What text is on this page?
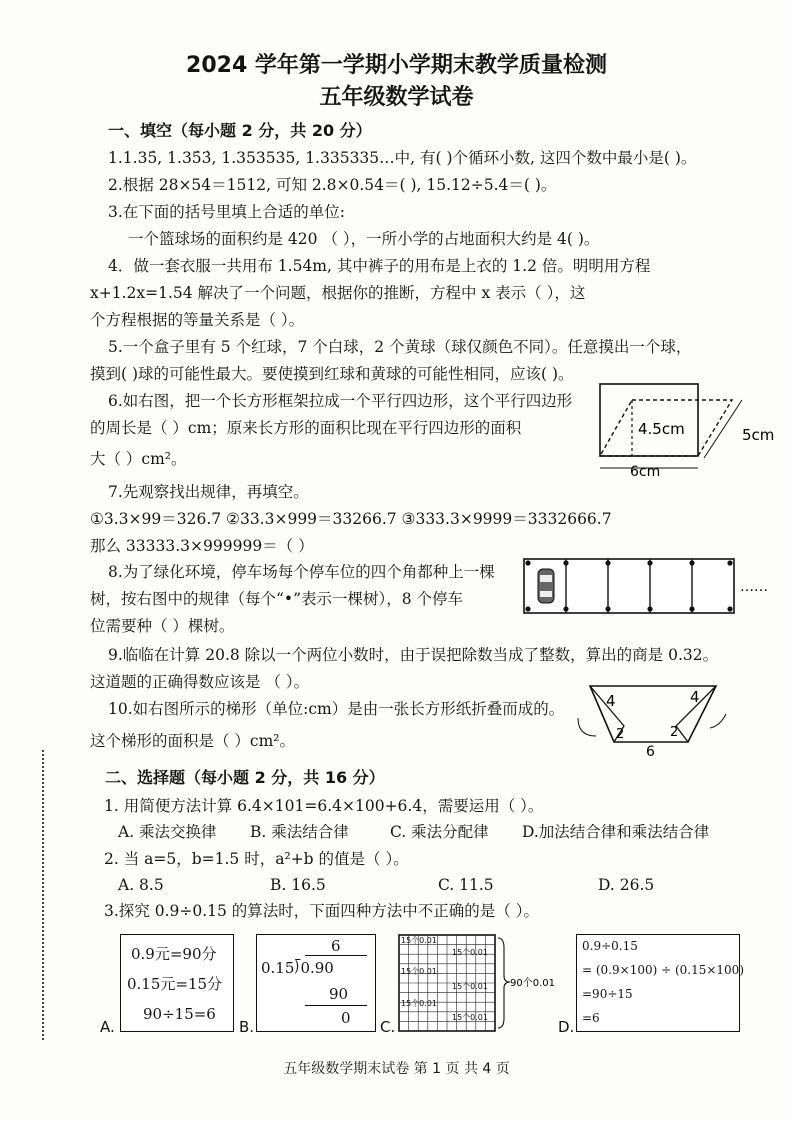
2024 学年第一学期小学期末教学质量检测
五年级数学试卷
一、填空（每小题 2 分，共 20 分）
1.1.35̇, 1.35̇3̇, 1.353535, 1.335335…中, 有( )个循环小数, 这四个数中最小是( )。
2.根据 28×54＝1512, 可知 2.8×0.54＝( ), 15.12÷5.4＝( )。
3.在下面的括号里填上合适的单位:
一个篮球场的面积约是 420 （ ），一所小学的占地面积大约是 4( )。
4．做一套衣服一共用布 1.54m, 其中裤子的用布是上衣的 1.2 倍。明明用方程
x+1.2x=1.54 解决了一个问题，根据你的推断，方程中 x 表示（ ），这
个方程根据的等量关系是（ ）。
5.一个盒子里有 5 个红球，7 个白球，2 个黄球（球仅颜色不同）。任意摸出一个球，
摸到( )球的可能性最大。要使摸到红球和黄球的可能性相同，应该( )。
6.如右图，把一个长方形框架拉成一个平行四边形，这个平行四边形
的周长是（ ）cm；原来长方形的面积比现在平行四边形的面积
大（ ）cm²。
7.先观察找出规律，再填空。
①3.3×99＝326.7 ②33.3×999＝33266.7 ③333.3×9999＝3332666.7
那么 33333.3×999999＝（ ）
8.为了绿化环境，停车场每个停车位的四个角都种上一棵
树，按右图中的规律（每个“•”表示一棵树），8 个停车
位需要种（ ）棵树。
9.临临在计算 20.8 除以一个两位小数时，由于误把除数当成了整数，算出的商是 0.32。
这道题的正确得数应该是 （ ）。
10.如右图所示的梯形（单位:cm）是由一张长方形纸折叠而成的。
这个梯形的面积是（ ）cm²。
4.5cm	5cm
6cm
……
4	4
2	2
6
二、选择题（每小题 2 分，共 16 分）
1. 用简便方法计算 6.4×101=6.4×100+6.4，需要运用（ ）。
A. 乘法交换律 B. 乘法结合律	C. 乘法分配律 D.加法结合律和乘法结合律
2. 当 a=5，b=1.5 时，a²+b 的值是（ ）。
A. 8.5	B. 16.5	C. 11.5	D. 26.5
3.探究 0.9÷0.15 的算法时，下面四种方法中不正确的是（ ）。
A.
0.9元=90分
0.15元=15分
90÷15=6
B.
6
0.15⟌0.90
90
0 C.
15个0.01
15个0.01
15个0.01
15个0.01
15个0.01
15个0.01
90个0.01
D.
0.9÷0.15
= (0.9×100) ÷ (0.15×100)
=90÷15
=6
五年级数学期末试卷 第 1 页 共 4 页
